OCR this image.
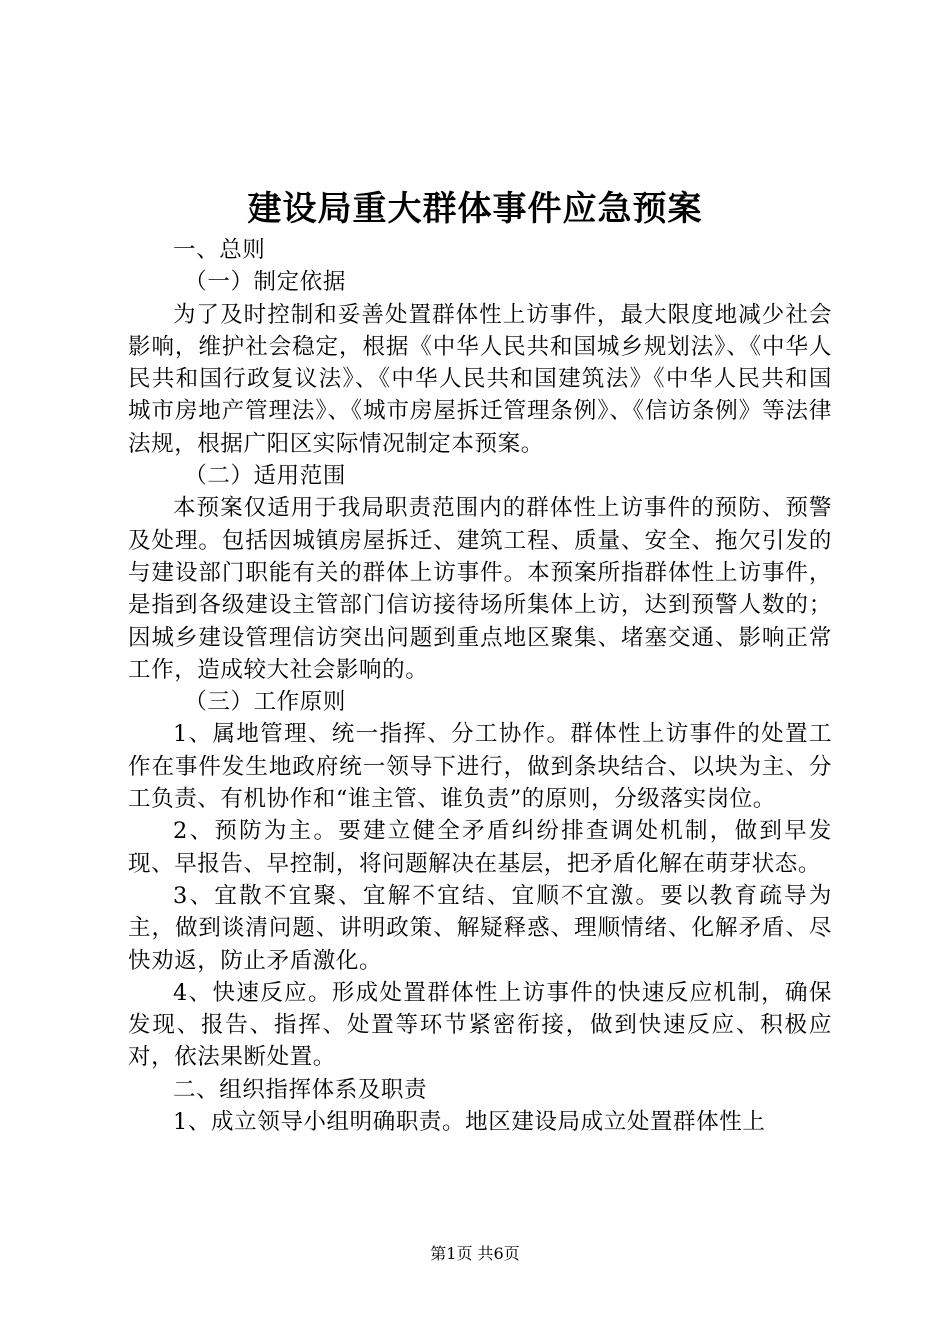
建设局重大群体事件应急预案

一、总则

（一）制定依据

为了及时控制和妥善处置群体性上访事件，最大限度地减少社会影响，维护社会稳定，根据《中华人民共和国城乡规划法》、《中华人民共和国行政复议法》、《中华人民共和国建筑法》《中华人民共和国城市房地产管理法》、《城市房屋拆迁管理条例》、《信访条例》等法律法规，根据广阳区实际情况制定本预案。

（二）适用范围

本预案仅适用于我局职责范围内的群体性上访事件的预防、预警及处理。包括因城镇房屋拆迁、建筑工程、质量、安全、拖欠引发的与建设部门职能有关的群体上访事件。本预案所指群体性上访事件，是指到各级建设主管部门信访接待场所集体上访，达到预警人数的；因城乡建设管理信访突出问题到重点地区聚集、堵塞交通、影响正常工作，造成较大社会影响的。

（三）工作原则

1、属地管理、统一指挥、分工协作。群体性上访事件的处置工作在事件发生地政府统一领导下进行，做到条块结合、以块为主、分工负责、有机协作和“谁主管、谁负责”的原则，分级落实岗位。

2、预防为主。要建立健全矛盾纠纷排查调处机制，做到早发现、早报告、早控制，将问题解决在基层，把矛盾化解在萌芽状态。

3、宜散不宜聚、宜解不宜结、宜顺不宜激。要以教育疏导为主，做到谈清问题、讲明政策、解疑释惑、理顺情绪、化解矛盾、尽快劝返，防止矛盾激化。

4、快速反应。形成处置群体性上访事件的快速反应机制，确保发现、报告、指挥、处置等环节紧密衔接，做到快速反应、积极应对，依法果断处置。

二、组织指挥体系及职责

1、成立领导小组明确职责。地区建设局成立处置群体性上

第1页 共6页
